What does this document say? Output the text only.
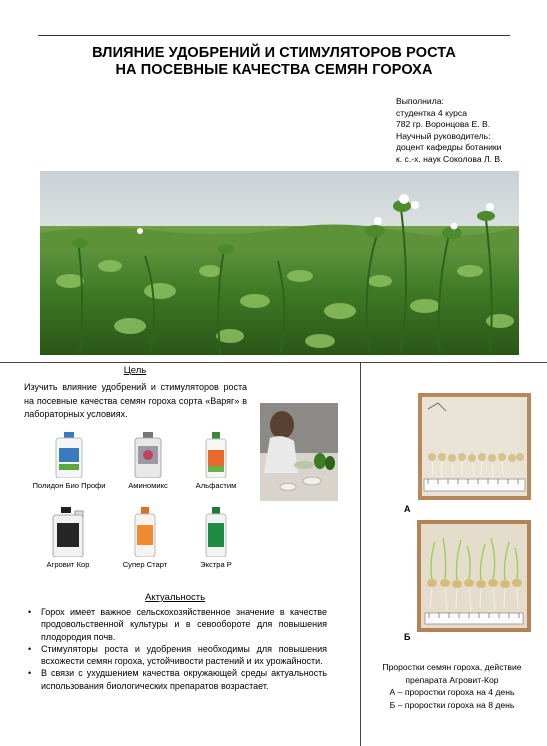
ВЛИЯНИЕ УДОБРЕНИЙ И СТИМУЛЯТОРОВ РОСТА
НА ПОСЕВНЫЕ КАЧЕСТВА СЕМЯН ГОРОХА
Выполнила:
студентка 4 курса
782 гр. Воронцова Е. В.
Научный руководитель:
доцент кафедры ботаники
к. с.-х. наук Соколова Л. В.
Цель
Изучить влияние удобрений и стимуляторов роста на посевные качества семян гороха сорта «Варяг» в лабораторных условиях.
Полидон Био Профи	Аминомикс	Альфастим
Агровит Кор	Супер Старт	Экстра Р
Актуальность
• Горох имеет важное сельскохозяйственное значение в качестве продовольственной культуры и в севообороте для повышения плодородия почв.
• Стимуляторы роста и удобрения необходимы для повышения всхожести семян гороха, устойчивости растений и их урожайности.
• В связи с ухудшением качества окружающей среды актуальность использования биологических препаратов возрастает.
А
Б
Проростки семян гороха, действие
препарата Агровит-Кор
А – проростки гороха на 4 день
Б – проростки гороха на 8 день
